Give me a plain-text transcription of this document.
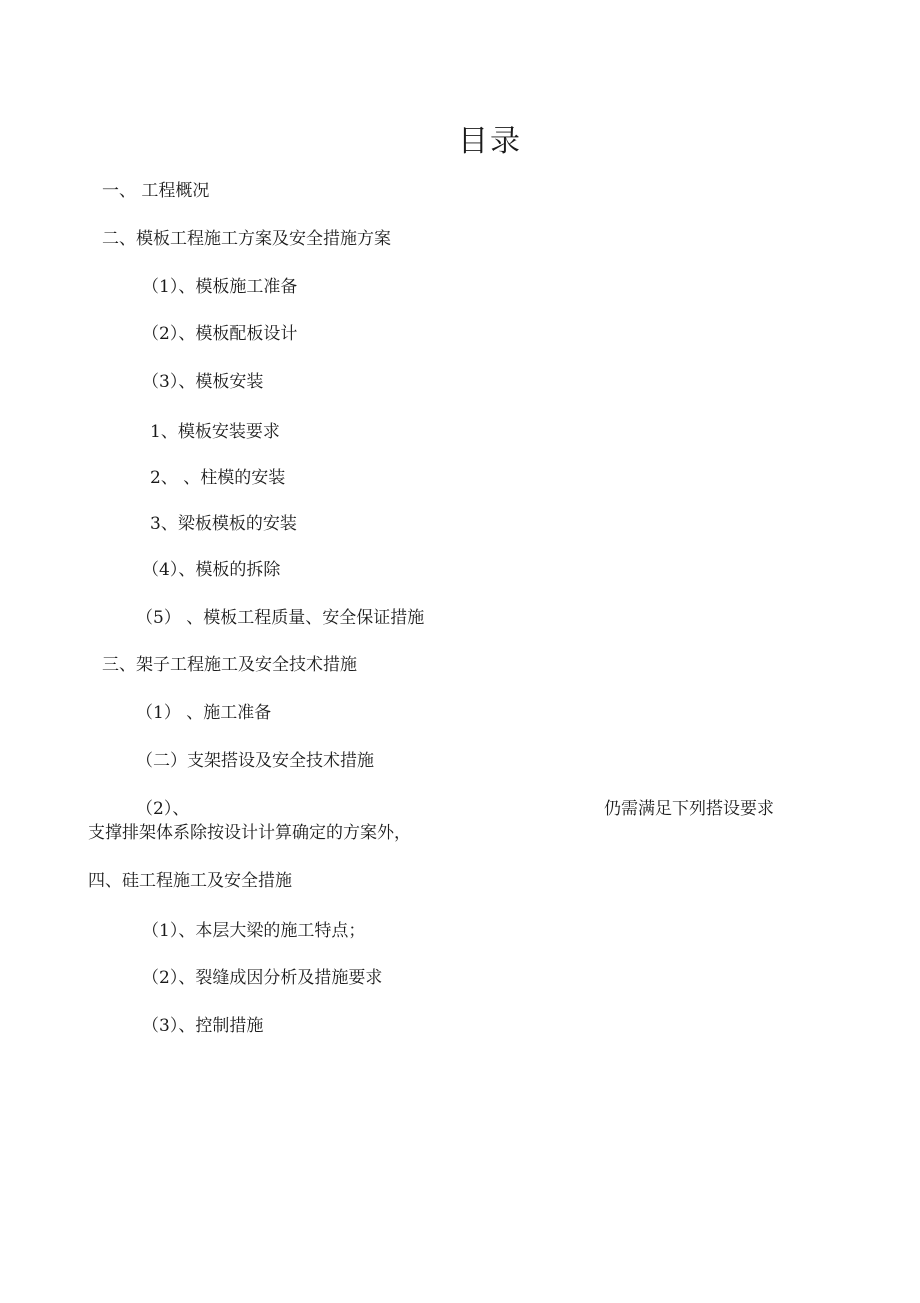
目录
一、 工程概况
二、模板工程施工方案及安全措施方案
（1）、模板施工准备
（2）、模板配板设计
（3）、模板安装
1、模板安装要求
2、 、柱模的安装
3、梁板模板的安装
（4）、模板的拆除
（5） 、模板工程质量、安全保证措施
三、架子工程施工及安全技术措施
（1） 、施工准备
（二）支架搭设及安全技术措施
（2）、	仍需满足下列搭设要求
支撑排架体系除按设计计算确定的方案外，
四、硅工程施工及安全措施
（1）、本层大梁的施工特点；
（2）、裂缝成因分析及措施要求
（3）、控制措施
